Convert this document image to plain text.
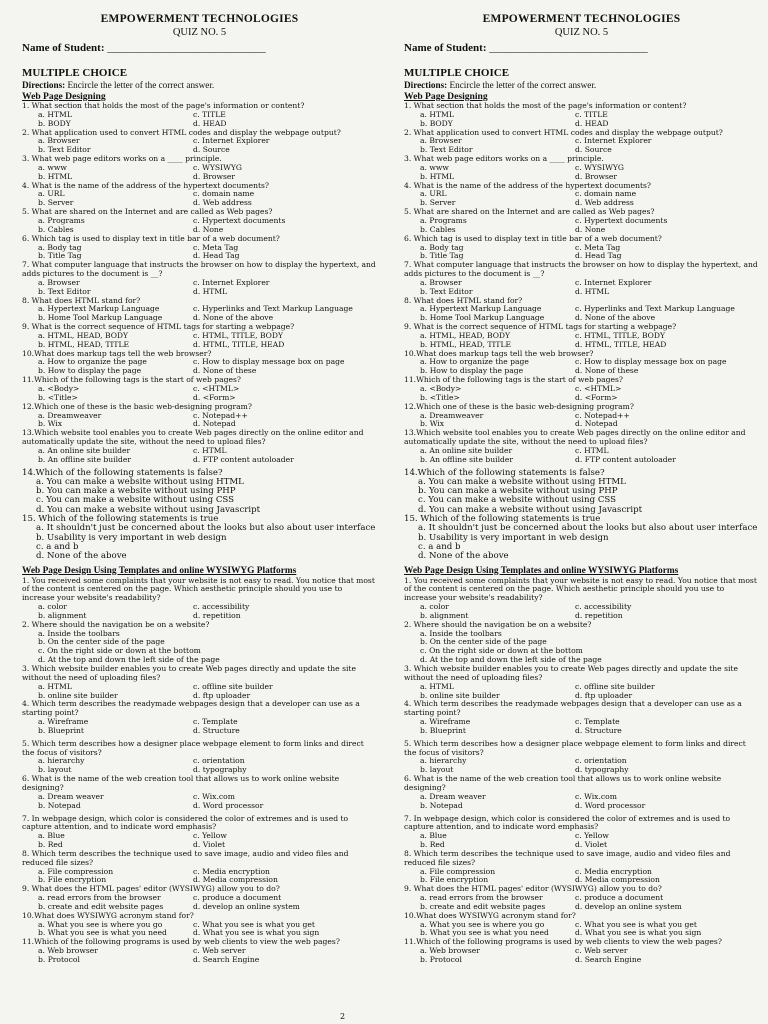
EMPOWERMENT TECHNOLOGIES
QUIZ NO. 5
Name of Student: _______________________________
MULTIPLE CHOICE
Directions: Encircle the letter of the correct answer.
Web Page Designing
1. What section that holds the most of the page's information or content?
a. HTML	c. TITLE
b. BODY	d. HEAD
2. What application used to convert HTML codes and display the webpage output?
a. Browser	c. Internet Explorer
b. Text Editor	d. Source
3. What web page editors works on a ____ principle.
a. www	c. WYSIWYG
b. HTML	d. Browser
4. What is the name of the address of the hypertext documents?
a. URL	c. domain name
b. Server	d. Web address
5. What are shared on the Internet and are called as Web pages?
a. Programs	c. Hypertext documents
b. Cables	d. None
6. Which tag is used to display text in title bar of a web document?
a. Body tag	c. Meta Tag
b. Title Tag	d. Head Tag
7. What computer language that instructs the browser on how to display the hypertext, and adds pictures to the document is __?
a. Browser	c. Internet Explorer
b. Text Editor	d. HTML
8. What does HTML stand for?
a. Hypertext Markup Language	c. Hyperlinks and Text Markup Language
b. Home Tool Markup Language	d. None of the above
9. What is the correct sequence of HTML tags for starting a webpage?
a. HTML, HEAD, BODY	c. HTML, TITLE, BODY
b. HTML, HEAD, TITLE	d. HTML, TITLE, HEAD
10.What does markup tags tell the web browser?
a. How to organize the page	c. How to display message box on page
b. How to display the page	d. None of these
11.Which of the following tags is the start of web pages?
a. <Body>	c. <HTML>
b. <Title>	d. <Form>
12.Which one of these is the basic web-designing program?
a. Dreamweaver	c. Notepad++
b. Wix	d. Notepad
13.Which website tool enables you to create Web pages directly on the online editor and automatically update the site, without the need to upload files?
a. An online site builder	c. HTML
b. An offline site builder	d. FTP content autoloader
14.Which of the following statements is false?
a. You can make a website without using HTML
b. You can make a website without using PHP
c. You can make a website without using CSS
d. You can make a website without using Javascript
15. Which of the following statements is true
a. It shouldn't just be concerned about the looks but also about user interface
b. Usability is very important in web design
c. a and b
d. None of the above
Web Page Design Using Templates and online WYSIWYG Platforms
1. You received some complaints that your website is not easy to read. You notice that most of the content is centered on the page. Which aesthetic principle should you use to increase your website's readability?
a. color	c. accessibility
b. alignment	d. repetition
2. Where should the navigation be on a website?
a. Inside the toolbars
b. On the center side of the page
c. On the right side or down at the bottom
d. At the top and down the left side of the page
3. Which website builder enables you to create Web pages directly and update the site without the need of uploading files?
a. HTML	c. offline site builder
b. online site builder	d. ftp uploader
4. Which term describes the readymade webpages design that a developer can use as a starting point?
a. Wireframe	c. Template
b. Blueprint	d. Structure
5. Which term describes how a designer place webpage element to form links and direct the focus of visitors?
a. hierarchy	c. orientation
b. layout	d. typography
6. What is the name of the web creation tool that allows us to work online website designing?
a. Dream weaver	c. Wix.com
b. Notepad	d. Word processor
7. In webpage design, which color is considered the color of extremes and is used to capture attention, and to indicate word emphasis?
a. Blue	c. Yellow
b. Red	d. Violet
8. Which term describes the technique used to save image, audio and video files and reduced file sizes?
a. File compression	c. Media encryption
b. File encryption	d. Media compression
9. What does the HTML pages' editor (WYSIWYG) allow you to do?
a. read errors from the browser	c. produce a document
b. create and edit website pages	d. develop an online system
10.What does WYSIWYG acronym stand for?
a. What you see is where you go	c. What you see is what you get
b. What you see is what you need	d. What you see is what you sign
11.Which of the following programs is used by web clients to view the web pages?
a. Web browser	c. Web server
b. Protocol	d. Search Engine
EMPOWERMENT TECHNOLOGIES
QUIZ NO. 5
Name of Student: _______________________________
MULTIPLE CHOICE
Directions: Encircle the letter of the correct answer.
Web Page Designing
1. What section that holds the most of the page's information or content?
a. HTML	c. TITLE
b. BODY	d. HEAD
2. What application used to convert HTML codes and display the webpage output?
a. Browser	c. Internet Explorer
b. Text Editor	d. Source
3. What web page editors works on a ____ principle.
a. www	c. WYSIWYG
b. HTML	d. Browser
4. What is the name of the address of the hypertext documents?
a. URL	c. domain name
b. Server	d. Web address
5. What are shared on the Internet and are called as Web pages?
a. Programs	c. Hypertext documents
b. Cables	d. None
6. Which tag is used to display text in title bar of a web document?
a. Body tag	c. Meta Tag
b. Title Tag	d. Head Tag
7. What computer language that instructs the browser on how to display the hypertext, and adds pictures to the document is __?
a. Browser	c. Internet Explorer
b. Text Editor	d. HTML
8. What does HTML stand for?
a. Hypertext Markup Language	c. Hyperlinks and Text Markup Language
b. Home Tool Markup Language	d. None of the above
9. What is the correct sequence of HTML tags for starting a webpage?
a. HTML, HEAD, BODY	c. HTML, TITLE, BODY
b. HTML, HEAD, TITLE	d. HTML, TITLE, HEAD
10.What does markup tags tell the web browser?
a. How to organize the page	c. How to display message box on page
b. How to display the page	d. None of these
11.Which of the following tags is the start of web pages?
a. <Body>	c. <HTML>
b. <Title>	d. <Form>
12.Which one of these is the basic web-designing program?
a. Dreamweaver	c. Notepad++
b. Wix	d. Notepad
13.Which website tool enables you to create Web pages directly on the online editor and automatically update the site, without the need to upload files?
a. An online site builder	c. HTML
b. An offline site builder	d. FTP content autoloader
14.Which of the following statements is false?
a. You can make a website without using HTML
b. You can make a website without using PHP
c. You can make a website without using CSS
d. You can make a website without using Javascript
15. Which of the following statements is true
a. It shouldn't just be concerned about the looks but also about user interface
b. Usability is very important in web design
c. a and b
d. None of the above
Web Page Design Using Templates and online WYSIWYG Platforms
1. You received some complaints that your website is not easy to read. You notice that most of the content is centered on the page. Which aesthetic principle should you use to increase your website's readability?
a. color	c. accessibility
b. alignment	d. repetition
2. Where should the navigation be on a website?
a. Inside the toolbars
b. On the center side of the page
c. On the right side or down at the bottom
d. At the top and down the left side of the page
3. Which website builder enables you to create Web pages directly and update the site without the need of uploading files?
a. HTML	c. offline site builder
b. online site builder	d. ftp uploader
4. Which term describes the readymade webpages design that a developer can use as a starting point?
a. Wireframe	c. Template
b. Blueprint	d. Structure
5. Which term describes how a designer place webpage element to form links and direct the focus of visitors?
a. hierarchy	c. orientation
b. layout	d. typography
6. What is the name of the web creation tool that allows us to work online website designing?
a. Dream weaver	c. Wix.com
b. Notepad	d. Word processor
7. In webpage design, which color is considered the color of extremes and is used to capture attention, and to indicate word emphasis?
a. Blue	c. Yellow
b. Red	d. Violet
8. Which term describes the technique used to save image, audio and video files and reduced file sizes?
a. File compression	c. Media encryption
b. File encryption	d. Media compression
9. What does the HTML pages' editor (WYSIWYG) allow you to do?
a. read errors from the browser	c. produce a document
b. create and edit website pages	d. develop an online system
10.What does WYSIWYG acronym stand for?
a. What you see is where you go	c. What you see is what you get
b. What you see is what you need	d. What you see is what you sign
11.Which of the following programs is used by web clients to view the web pages?
a. Web browser	c. Web server
b. Protocol	d. Search Engine
2
